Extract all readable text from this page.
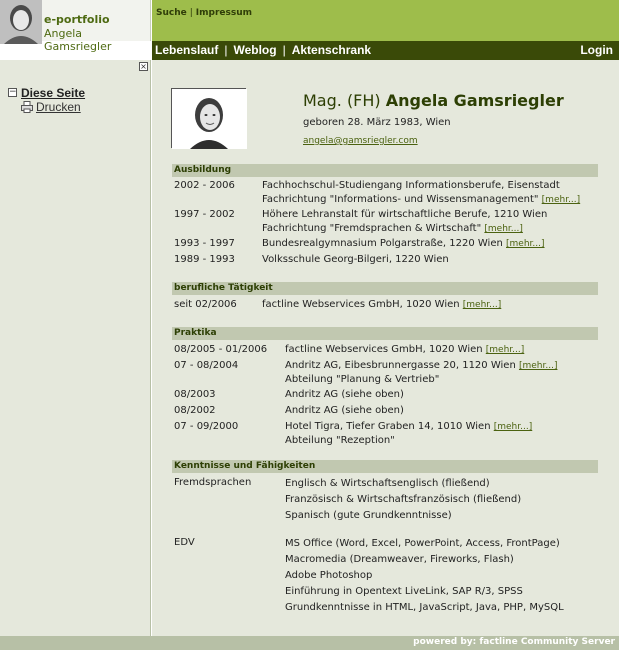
e-portfolio
Angela Gamsriegler
Suche | Impressum
Lebenslauf | Weblog | Aktenschrank	Login
×
− Diese Seite
Drucken	Mag. (FH) Angela Gamsriegler
geboren 28. März 1983, Wien
angela@gamsriegler.com
Ausbildung
2002 - 2006	Fachhochschul-Studiengang Informationsberufe, Eisenstadt
Fachrichtung "Informations- und Wissensmanagement" [mehr...]
1997 - 2002	Höhere Lehranstalt für wirtschaftliche Berufe, 1210 Wien
Fachrichtung "Fremdsprachen & Wirtschaft" [mehr...]
1993 - 1997	Bundesrealgymnasium Polgarstraße, 1220 Wien [mehr...]
1989 - 1993	Volksschule Georg-Bilgeri, 1220 Wien
berufliche Tätigkeit
seit 02/2006	factline Webservices GmbH, 1020 Wien [mehr...]
Praktika
08/2005 - 01/2006 factline Webservices GmbH, 1020 Wien [mehr...]
07 - 08/2004	Andritz AG, Eibesbrunnergasse 20, 1120 Wien [mehr...]
Abteilung "Planung & Vertrieb"
08/2003	Andritz AG (siehe oben)
08/2002	Andritz AG (siehe oben)
07 - 09/2000	Hotel Tigra, Tiefer Graben 14, 1010 Wien [mehr...]
Abteilung "Rezeption"
Kenntnisse und Fähigkeiten
Fremdsprachen	Englisch & Wirtschaftsenglisch (fließend)
Französisch & Wirtschaftsfranzösisch (fließend)
Spanisch (gute Grundkenntnisse)
EDV	MS Office (Word, Excel, PowerPoint, Access, FrontPage)
Macromedia (Dreamweaver, Fireworks, Flash)
Adobe Photoshop
Einführung in Opentext LiveLink, SAP R/3, SPSS
Grundkenntnisse in HTML, JavaScript, Java, PHP, MySQL
powered by: factline Community Server
